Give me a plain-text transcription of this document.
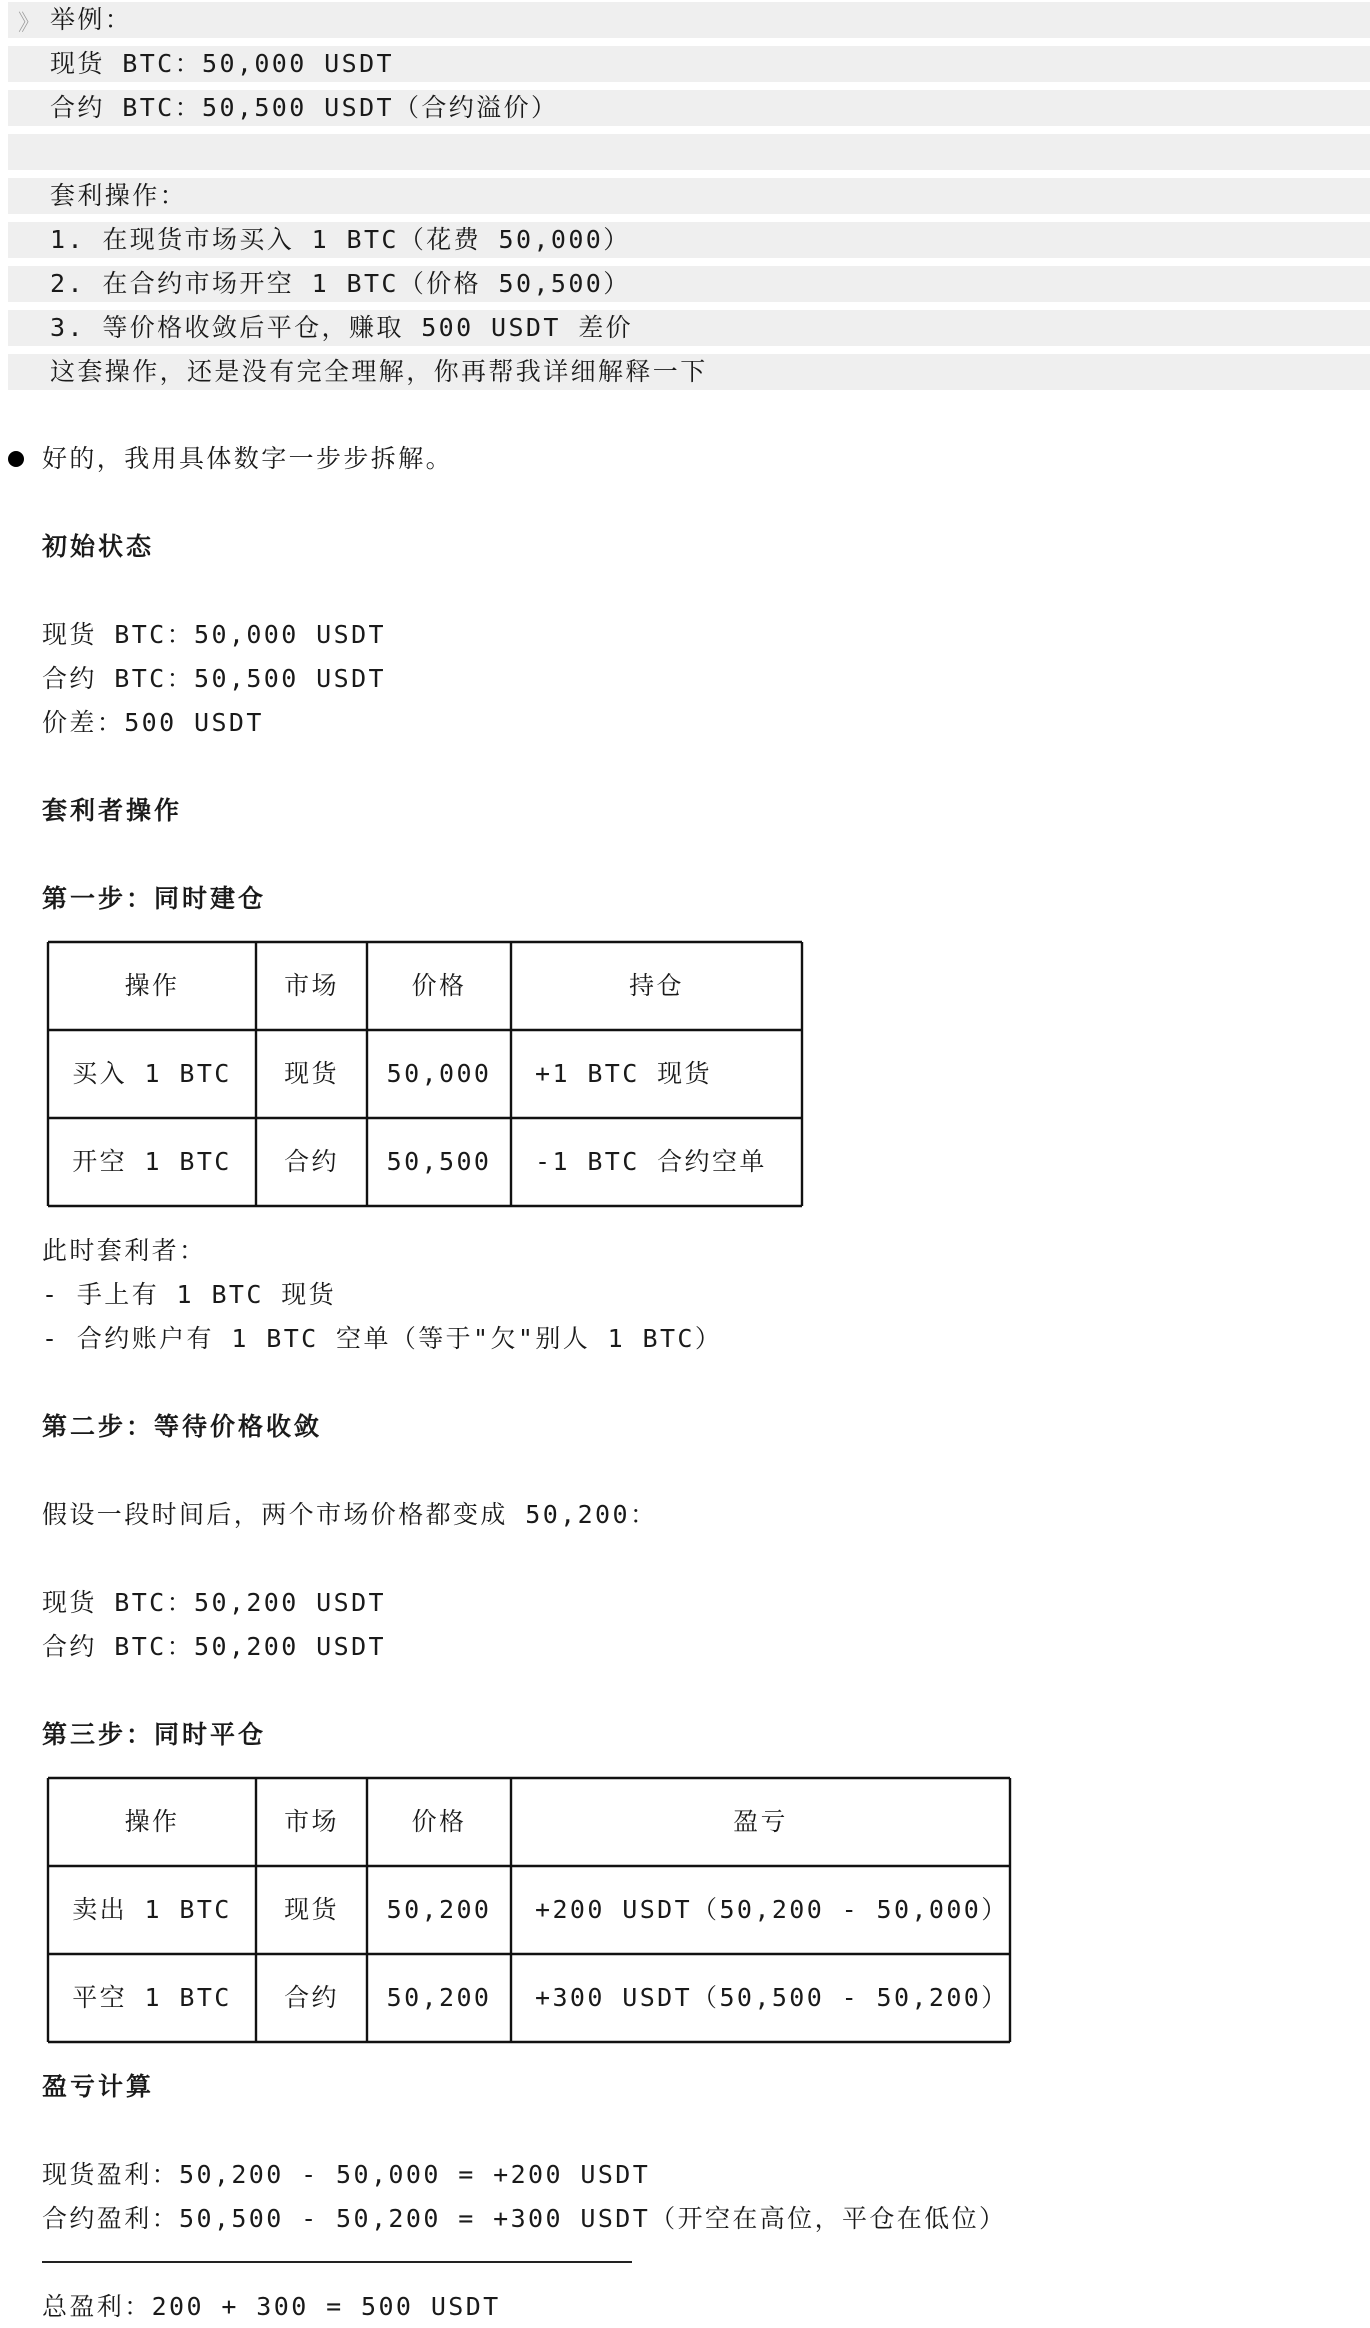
》 举例：
现货 BTC：50,000 USDT
合约 BTC：50,500 USDT（合约溢价）
套利操作：
1. 在现货市场买入 1 BTC（花费 50,000）
2. 在合约市场开空 1 BTC（价格 50,500）
3. 等价格收敛后平仓，赚取 500 USDT 差价
这套操作，还是没有完全理解，你再帮我详细解释一下
好的，我用具体数字一步步拆解。
初始状态
现货 BTC：50,000 USDT
合约 BTC：50,500 USDT
价差：500 USDT
套利者操作
第一步：同时建仓
操作	市场	价格	持仓
买入 1 BTC	现货	50,000	+1 BTC 现货
开空 1 BTC	合约	50,500	-1 BTC 合约空单
此时套利者：
- 手上有 1 BTC 现货
- 合约账户有 1 BTC 空单（等于"欠"别人 1 BTC）
第二步：等待价格收敛
假设一段时间后，两个市场价格都变成 50,200：
现货 BTC：50,200 USDT
合约 BTC：50,200 USDT
第三步：同时平仓
操作	市场	价格	盈亏
卖出 1 BTC	现货	50,200	+200 USDT（50,200 - 50,000）
平空 1 BTC	合约	50,200	+300 USDT（50,500 - 50,200）
盈亏计算
现货盈利：50,200 - 50,000 = +200 USDT
合约盈利：50,500 - 50,200 = +300 USDT（开空在高位，平仓在低位）
总盈利：200 + 300 = 500 USDT
